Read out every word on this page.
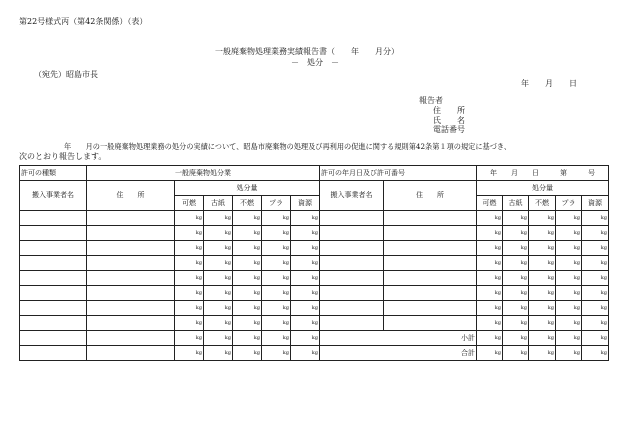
第22号様式丙（第42条関係）（表）
一般廃棄物処理業務実績報告書（　　年　　月分）
－　処分　－
（宛先）昭島市長
年　　月　　日
報告者
住　　所
氏　　名
電話番号
年　　月の一般廃棄物処理業務の処分の実績について、昭島市廃棄物の処理及び再利用の促進に関する規則第42条第１項の規定に基づき、
次のとおり報告します。
許可の種類	一般廃棄物処分業						許可の年月日及び許可番号		年　　月　　日　　　第　　　号				
搬入事業者名	住　　所	処分量					搬入事業者名	住　　所	処分量				
		可燃	古紙	不燃	プラ	資源			可燃	古紙	不燃	プラ	資源
		kg	kg	kg	kg	kg			kg	kg	kg	kg	kg
		kg	kg	kg	kg	kg			kg	kg	kg	kg	kg
		kg	kg	kg	kg	kg			kg	kg	kg	kg	kg
		kg	kg	kg	kg	kg			kg	kg	kg	kg	kg
		kg	kg	kg	kg	kg			kg	kg	kg	kg	kg
		kg	kg	kg	kg	kg			kg	kg	kg	kg	kg
		kg	kg	kg	kg	kg			kg	kg	kg	kg	kg
		kg	kg	kg	kg	kg			kg	kg	kg	kg	kg
		kg	kg	kg	kg	kg	小計		kg	kg	kg	kg	kg
		kg	kg	kg	kg	kg	合計		kg	kg	kg	kg	kg
